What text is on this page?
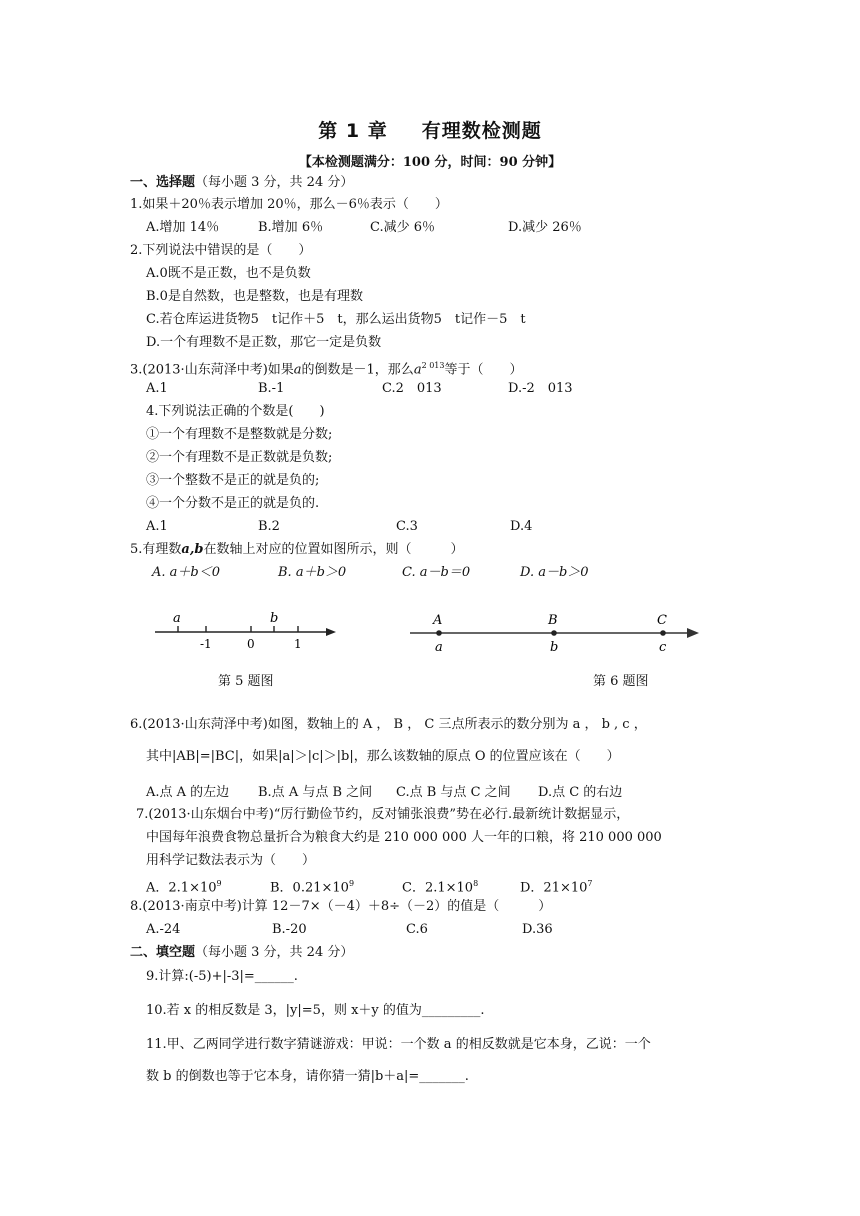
第 1 章 有理数检测题
【本检测题满分：100 分，时间：90 分钟】
一、选择题（每小题 3 分，共 24 分）
1.如果＋20％表示增加 20％，那么－6％表示（　　）
A.增加 14％	B.增加 6％	C.减少 6％	D.减少 26％
2.下列说法中错误的是（　　）
A.0既不是正数，也不是负数
B.0是自然数，也是整数，也是有理数
C.若仓库运进货物5　t记作＋5　t，那么运出货物5　t记作－5　t
D.一个有理数不是正数，那它一定是负数
3.(2013·山东菏泽中考)如果a的倒数是－1，那么$a^{2 013}$等于（　　）
A.1	B.-1	C.2　013	D.-2　013
4.下列说法正确的个数是(　　)
①一个有理数不是整数就是分数;
②一个有理数不是正数就是负数;
③一个整数不是正的就是负的;
④一个分数不是正的就是负的.
A.1	B.2	C.3	D.4
5.有理数a,b在数轴上对应的位置如图所示，则（　　　）
A. a＋b＜0	B. a＋b＞0	C. a－b＝0	D. a－b＞0
a	b
-1	0	1
A	B	C
a	b	c
第 5 题图	第 6 题图
6.(2013·山东菏泽中考)如图，数轴上的 A ， B ， C 三点所表示的数分别为 a ， b , c ，
其中|AB|=|BC|，如果|a|＞|c|＞|b|，那么该数轴的原点 O 的位置应该在（　　）
A.点 A 的左边 B.点 A 与点 B 之间 C.点 B 与点 C 之间 D.点 C 的右边
7.(2013·山东烟台中考)“厉行勤俭节约，反对铺张浪费”势在必行.最新统计数据显示，
中国每年浪费食物总量折合为粮食大约是 210 000 000 人一年的口粮，将 210 000 000
用科学记数法表示为（　　）
A．$2.1\times 10^9$	B．$0.21\times 10^9$	C．$2.1\times 10^8$	D．$21\times 10^7$
8.(2013·南京中考)计算 12－7×（－4）＋8÷（－2）的值是（　　　）
A.-24	B.-20	C.6	D.36
二、填空题（每小题 3 分，共 24 分）
9.计算:(-5)+|-3|=______.
10.若 x 的相反数是 3，|y|=5，则 x＋y 的值为_________.
11.甲、乙两同学进行数字猜谜游戏：甲说：一个数 a 的相反数就是它本身，乙说：一个
数 b 的倒数也等于它本身，请你猜一猜|b＋a|=_______.
